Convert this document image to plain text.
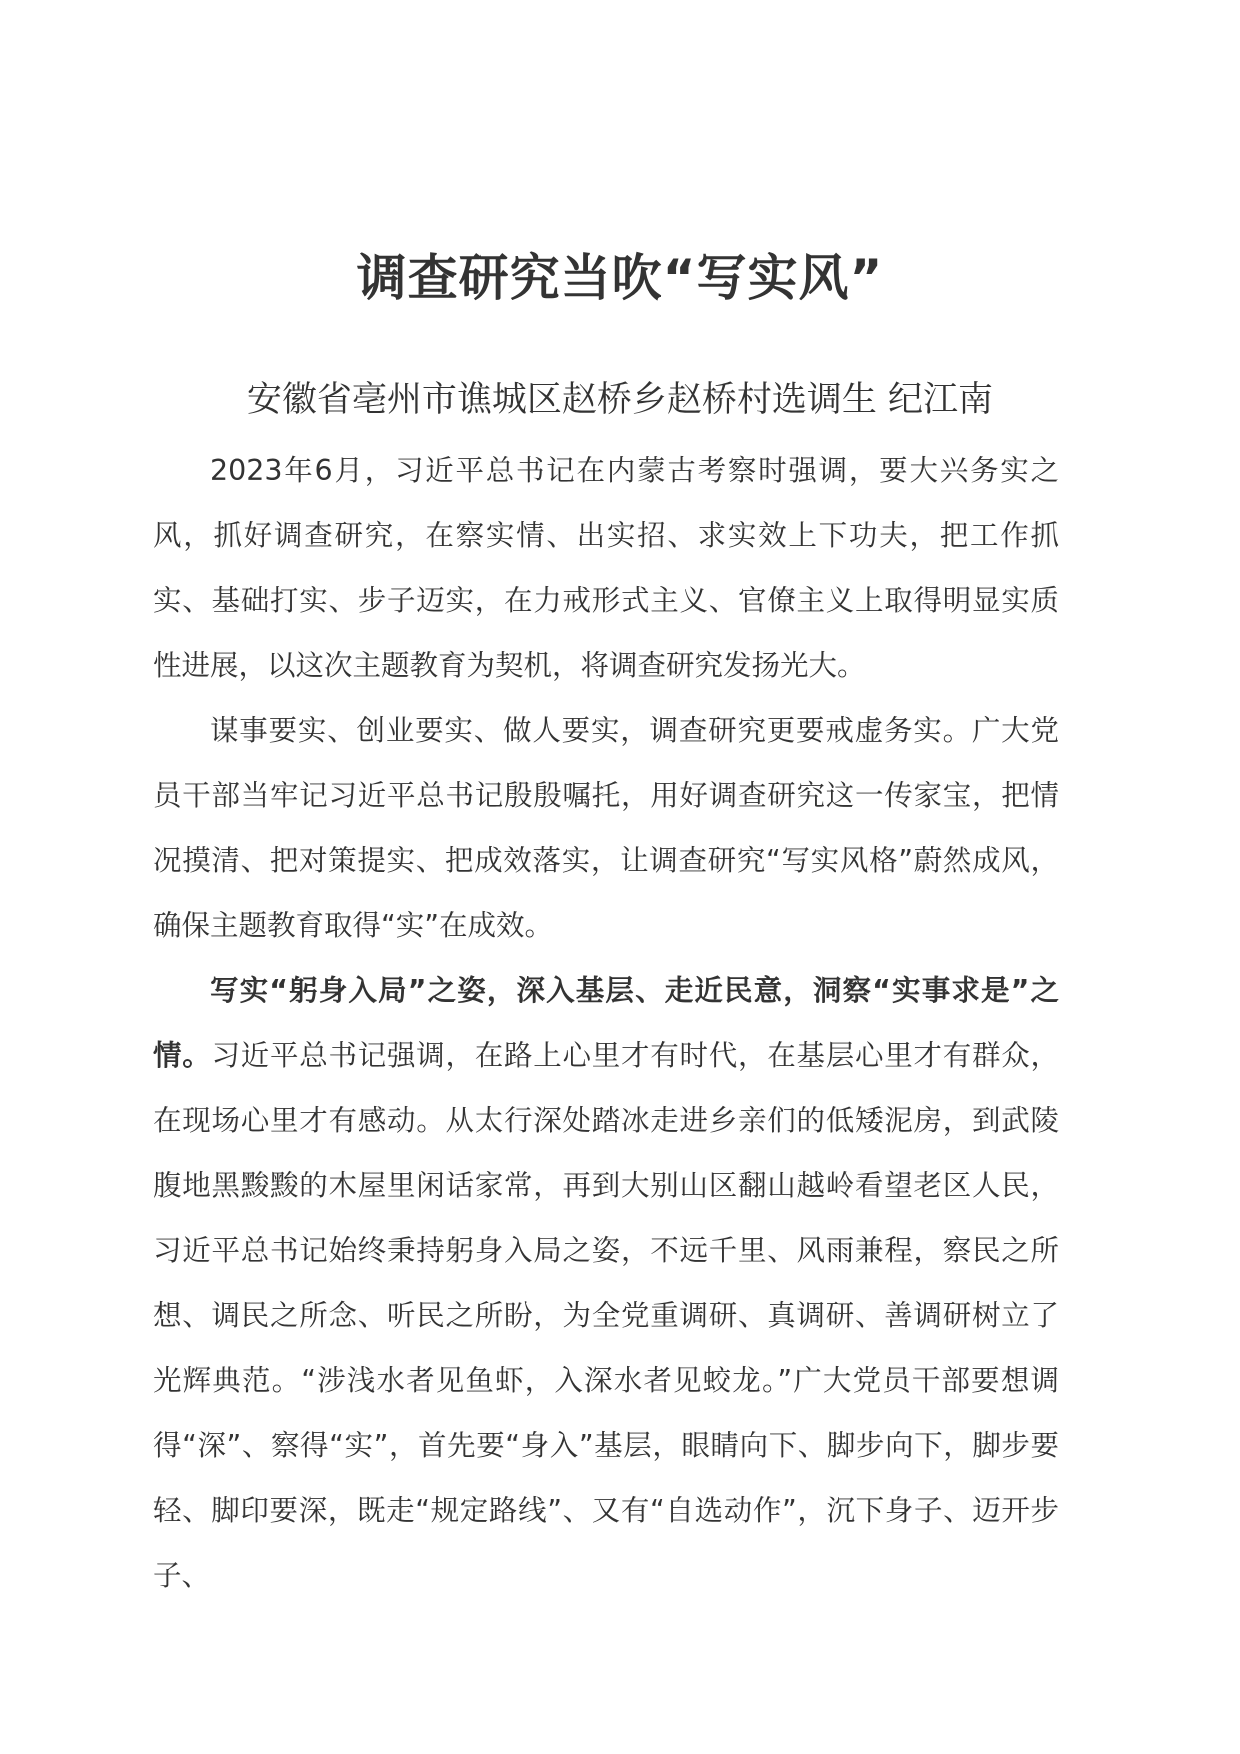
调查研究当吹“写实风”

安徽省亳州市谯城区赵桥乡赵桥村选调生 纪江南

2023年6月，习近平总书记在内蒙古考察时强调，要大兴务实之风，抓好调查研究，在察实情、出实招、求实效上下功夫，把工作抓实、基础打实、步子迈实，在力戒形式主义、官僚主义上取得明显实质性进展，以这次主题教育为契机，将调查研究发扬光大。

谋事要实、创业要实、做人要实，调查研究更要戒虚务实。广大党员干部当牢记习近平总书记殷殷嘱托，用好调查研究这一传家宝，把情况摸清、把对策提实、把成效落实，让调查研究“写实风格”蔚然成风，确保主题教育取得“实”在成效。

写实“躬身入局”之姿，深入基层、走近民意，洞察“实事求是”之情。习近平总书记强调，在路上心里才有时代，在基层心里才有群众，在现场心里才有感动。从太行深处踏冰走进乡亲们的低矮泥房，到武陵腹地黑黢黢的木屋里闲话家常，再到大别山区翻山越岭看望老区人民，习近平总书记始终秉持躬身入局之姿，不远千里、风雨兼程，察民之所想、调民之所念、听民之所盼，为全党重调研、真调研、善调研树立了光辉典范。“涉浅水者见鱼虾，入深水者见蛟龙。”广大党员干部要想调得“深”、察得“实”，首先要“身入”基层，眼睛向下、脚步向下，脚步要轻、脚印要深，既走“规定路线”、又有“自选动作”，沉下身子、迈开步子、
